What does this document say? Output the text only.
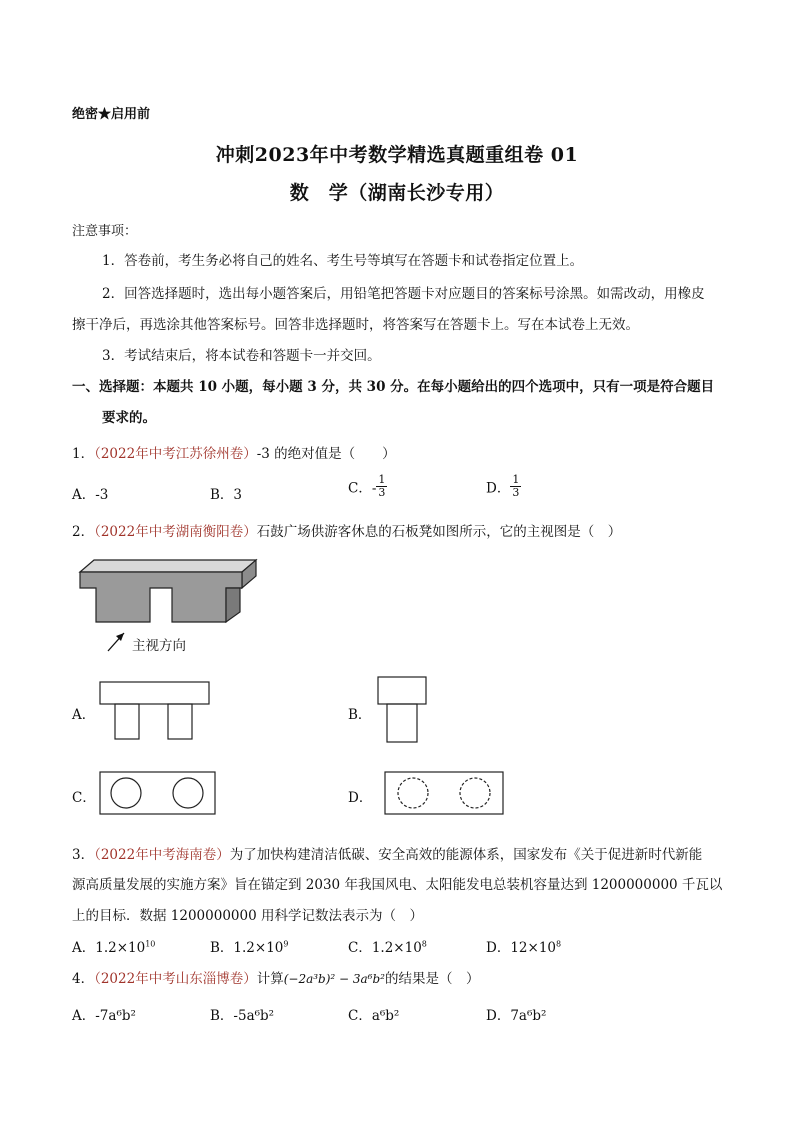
绝密★启用前
冲刺2023年中考数学精选真题重组卷 01
数　学（湖南长沙专用）
注意事项：
1．答卷前，考生务必将自己的姓名、考生号等填写在答题卡和试卷指定位置上。
2．回答选择题时，选出每小题答案后，用铅笔把答题卡对应题目的答案标号涂黑。如需改动，用橡皮
擦干净后，再选涂其他答案标号。回答非选择题时，将答案写在答题卡上。写在本试卷上无效。
3．考试结束后，将本试卷和答题卡一并交回。
一、选择题：本题共 10 小题，每小题 3 分，共 30 分。在每小题给出的四个选项中，只有一项是符合题目
要求的。
1．（2022年中考江苏徐州卷）-3 的绝对值是（　　）
A．-3	B．3	C．- $\frac{1}{3}$	D． $\frac{1}{3}$
2．（2022年中考湖南衡阳卷）石鼓广场供游客休息的石板凳如图所示，它的主视图是（　）
主视方向
A．	B．
C．	D．
3．（2022年中考海南卷）为了加快构建清洁低碳、安全高效的能源体系，国家发布《关于促进新时代新能
源高质量发展的实施方案》旨在锚定到 2030 年我国风电、太阳能发电总装机容量达到 1200000000 千瓦以
上的目标．数据 1200000000 用科学记数法表示为（　）
A．$1.2\times 10^{10}$	B．$1.2\times 10^9$	C．$1.2\times 10^8$	D．$12\times 10^8$
4．（2022年中考山东淄博卷）计算(−2a³b)² − 3a⁶b²的结果是（　）
A．-7a⁶b²	B．-5a⁶b²	C．a⁶b²	D．7a⁶b²
